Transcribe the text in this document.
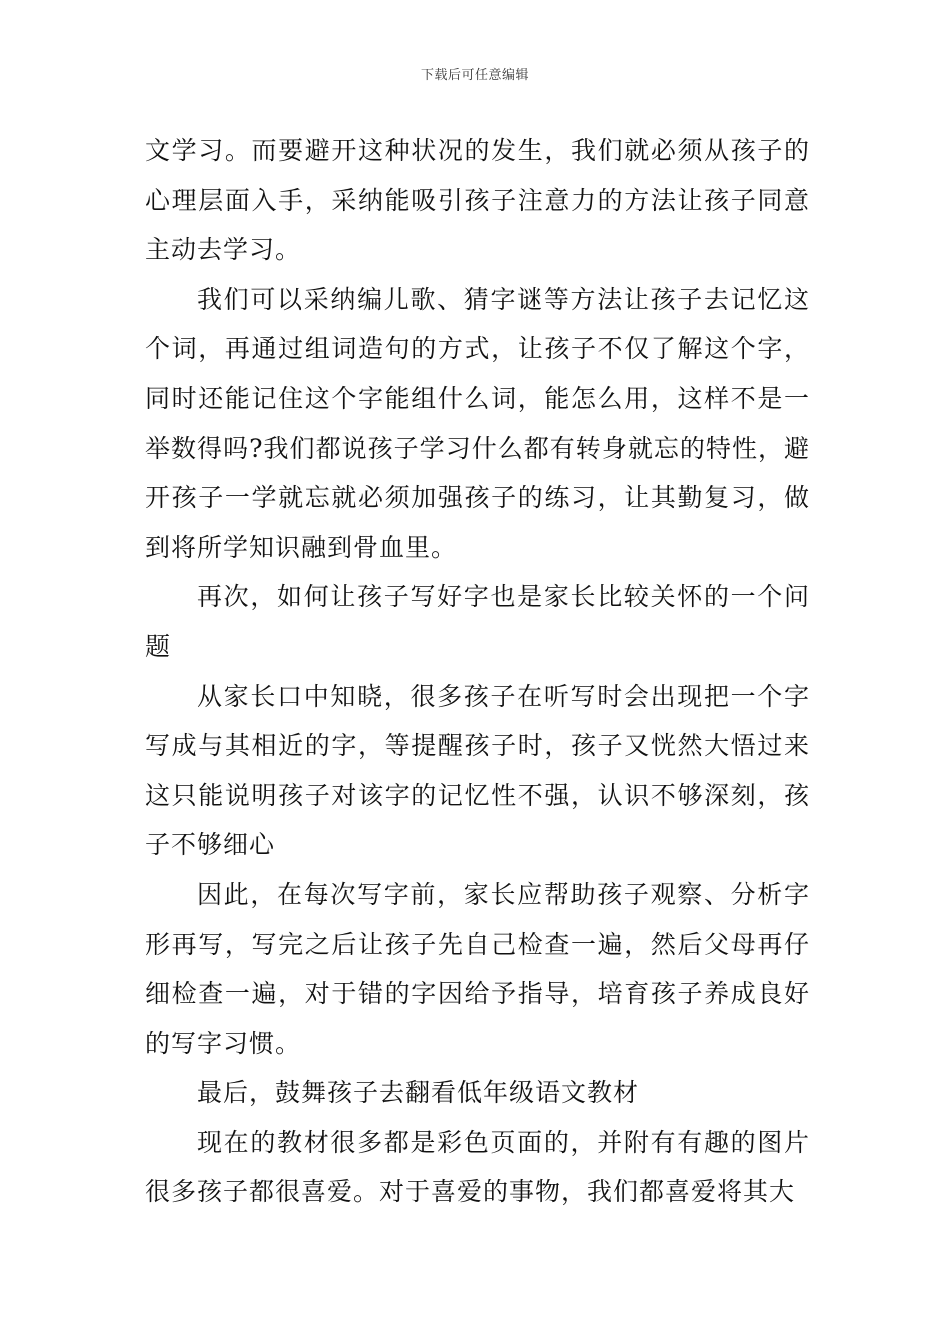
下载后可任意编辑

文学习。而要避开这种状况的发生，我们就必须从孩子的心理层面入手，采纳能吸引孩子注意力的方法让孩子同意主动去学习。

我们可以采纳编儿歌、猜字谜等方法让孩子去记忆这个词，再通过组词造句的方式，让孩子不仅了解这个字，同时还能记住这个字能组什么词，能怎么用，这样不是一举数得吗?我们都说孩子学习什么都有转身就忘的特性，避开孩子一学就忘就必须加强孩子的练习，让其勤复习，做到将所学知识融到骨血里。

再次，如何让孩子写好字也是家长比较关怀的一个问题

从家长口中知晓，很多孩子在听写时会出现把一个字写成与其相近的字，等提醒孩子时，孩子又恍然大悟过来这只能说明孩子对该字的记忆性不强，认识不够深刻，孩子不够细心

因此，在每次写字前，家长应帮助孩子观察、分析字形再写，写完之后让孩子先自己检查一遍，然后父母再仔细检查一遍，对于错的字因给予指导，培育孩子养成良好的写字习惯。

最后，鼓舞孩子去翻看低年级语文教材

现在的教材很多都是彩色页面的，并附有有趣的图片很多孩子都很喜爱。对于喜爱的事物，我们都喜爱将其大
